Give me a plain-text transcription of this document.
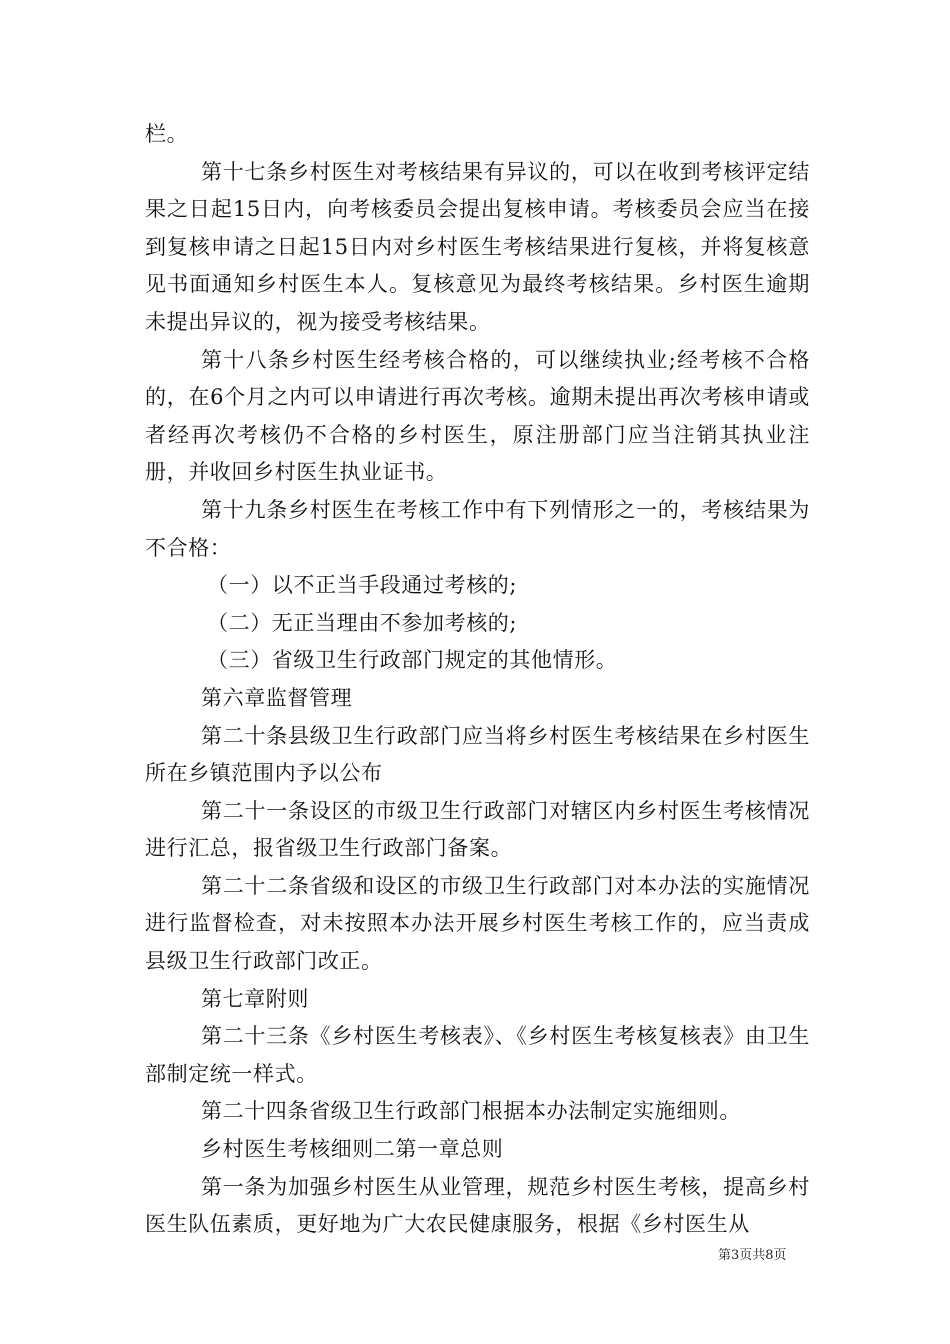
栏。

第十七条乡村医生对考核结果有异议的，可以在收到考核评定结果之日起15日内，向考核委员会提出复核申请。考核委员会应当在接到复核申请之日起15日内对乡村医生考核结果进行复核，并将复核意见书面通知乡村医生本人。复核意见为最终考核结果。乡村医生逾期未提出异议的，视为接受考核结果。

第十八条乡村医生经考核合格的，可以继续执业;经考核不合格的，在6个月之内可以申请进行再次考核。逾期未提出再次考核申请或者经再次考核仍不合格的乡村医生，原注册部门应当注销其执业注册，并收回乡村医生执业证书。

第十九条乡村医生在考核工作中有下列情形之一的，考核结果为不合格：

（一）以不正当手段通过考核的;

（二）无正当理由不参加考核的;

（三）省级卫生行政部门规定的其他情形。

第六章监督管理

第二十条县级卫生行政部门应当将乡村医生考核结果在乡村医生所在乡镇范围内予以公布

第二十一条设区的市级卫生行政部门对辖区内乡村医生考核情况进行汇总，报省级卫生行政部门备案。

第二十二条省级和设区的市级卫生行政部门对本办法的实施情况进行监督检查，对未按照本办法开展乡村医生考核工作的，应当责成县级卫生行政部门改正。

第七章附则

第二十三条《乡村医生考核表》、《乡村医生考核复核表》由卫生部制定统一样式。

第二十四条省级卫生行政部门根据本办法制定实施细则。

乡村医生考核细则二第一章总则

第一条为加强乡村医生从业管理，规范乡村医生考核，提高乡村医生队伍素质，更好地为广大农民健康服务，根据《乡村医生从

第3页共8页
